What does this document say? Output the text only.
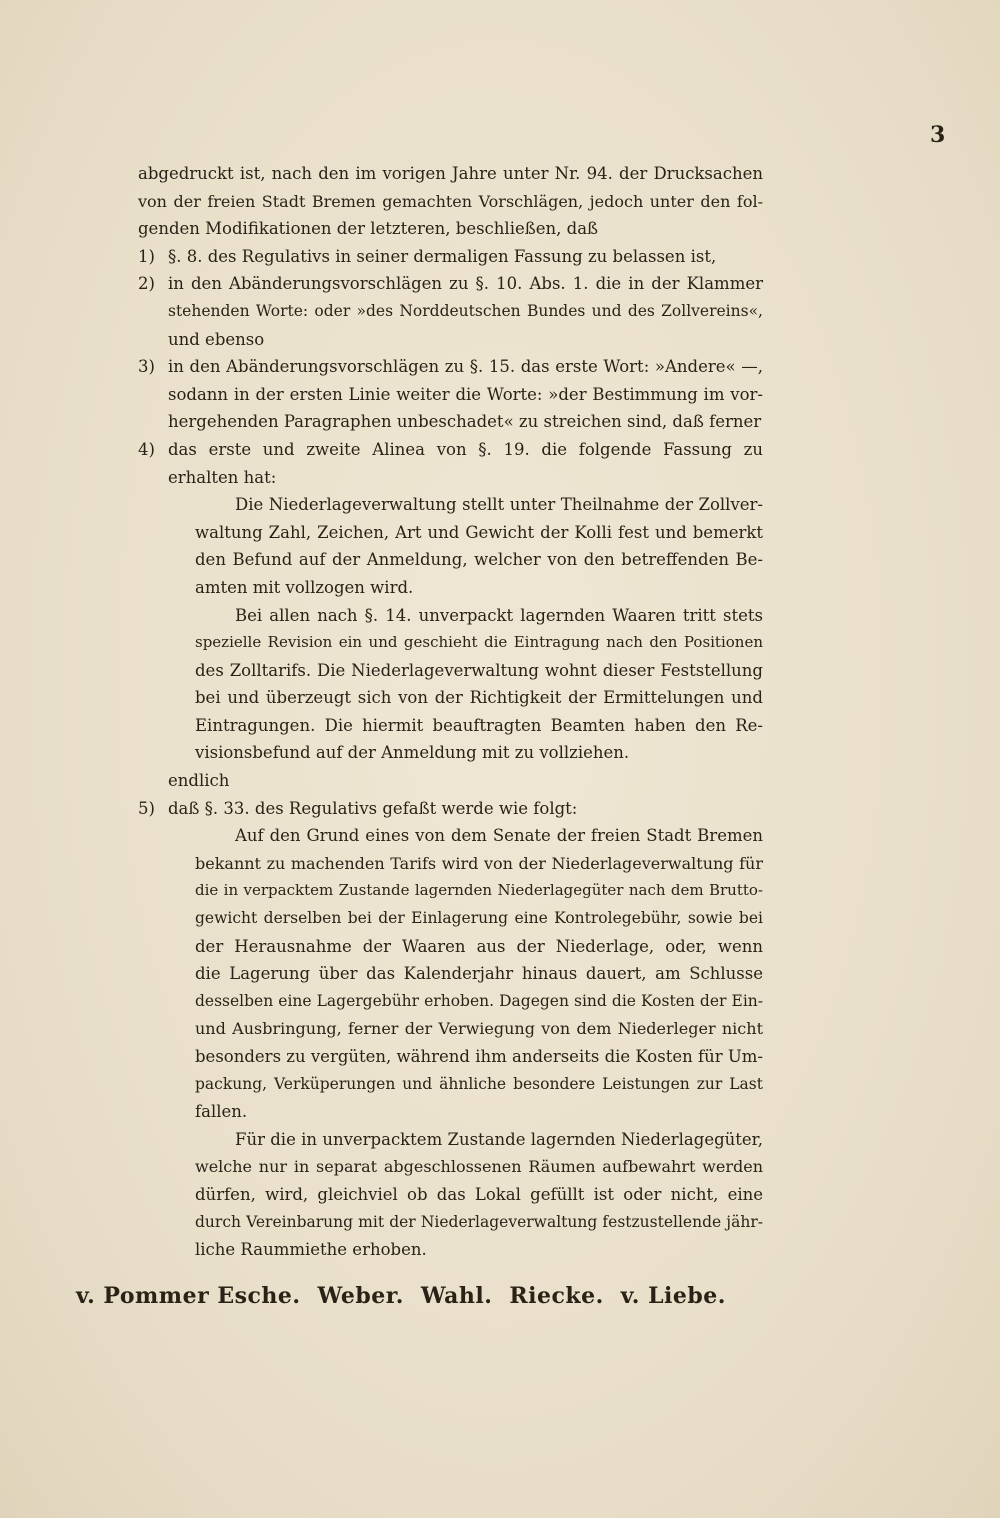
3
abgedruckt ist, nach den im vorigen Jahre unter Nr. 94. der Drucksachen
von der freien Stadt Bremen gemachten Vorschlägen, jedoch unter den fol-
genden Modifikationen der letzteren, beschließen, daß
1) §. 8. des Regulativs in seiner dermaligen Fassung zu belassen ist,
2) in den Abänderungsvorschlägen zu §. 10. Abs. 1. die in der Klammer
stehenden Worte: oder »des Norddeutschen Bundes und des Zollvereins«,
und ebenso
3) in den Abänderungsvorschlägen zu §. 15. das erste Wort: »Andere« —,
sodann in der ersten Linie weiter die Worte: »der Bestimmung im vor-
hergehenden Paragraphen unbeschadet« zu streichen sind, daß ferner
4) das erste und zweite Alinea von §. 19. die folgende Fassung zu
erhalten hat:
Die Niederlageverwaltung stellt unter Theilnahme der Zollver-
waltung Zahl, Zeichen, Art und Gewicht der Kolli fest und bemerkt
den Befund auf der Anmeldung, welcher von den betreffenden Be-
amten mit vollzogen wird.
Bei allen nach §. 14. unverpackt lagernden Waaren tritt stets
spezielle Revision ein und geschieht die Eintragung nach den Positionen
des Zolltarifs. Die Niederlageverwaltung wohnt dieser Feststellung
bei und überzeugt sich von der Richtigkeit der Ermittelungen und
Eintragungen. Die hiermit beauftragten Beamten haben den Re-
visionsbefund auf der Anmeldung mit zu vollziehen.
endlich
5) daß §. 33. des Regulativs gefaßt werde wie folgt:
Auf den Grund eines von dem Senate der freien Stadt Bremen
bekannt zu machenden Tarifs wird von der Niederlageverwaltung für
die in verpacktem Zustande lagernden Niederlagegüter nach dem Brutto-
gewicht derselben bei der Einlagerung eine Kontrolegebühr, sowie bei
der Herausnahme der Waaren aus der Niederlage, oder, wenn
die Lagerung über das Kalenderjahr hinaus dauert, am Schlusse
desselben eine Lagergebühr erhoben. Dagegen sind die Kosten der Ein-
und Ausbringung, ferner der Verwiegung von dem Niederleger nicht
besonders zu vergüten, während ihm anderseits die Kosten für Um-
packung, Verküperungen und ähnliche besondere Leistungen zur Last
fallen.
Für die in unverpacktem Zustande lagernden Niederlagegüter,
welche nur in separat abgeschlossenen Räumen aufbewahrt werden
dürfen, wird, gleichviel ob das Lokal gefüllt ist oder nicht, eine
durch Vereinbarung mit der Niederlageverwaltung festzustellende jähr-
liche Raummiethe erhoben.
v. Pommer Esche. Weber. Wahl. Riecke. v. Liebe.
